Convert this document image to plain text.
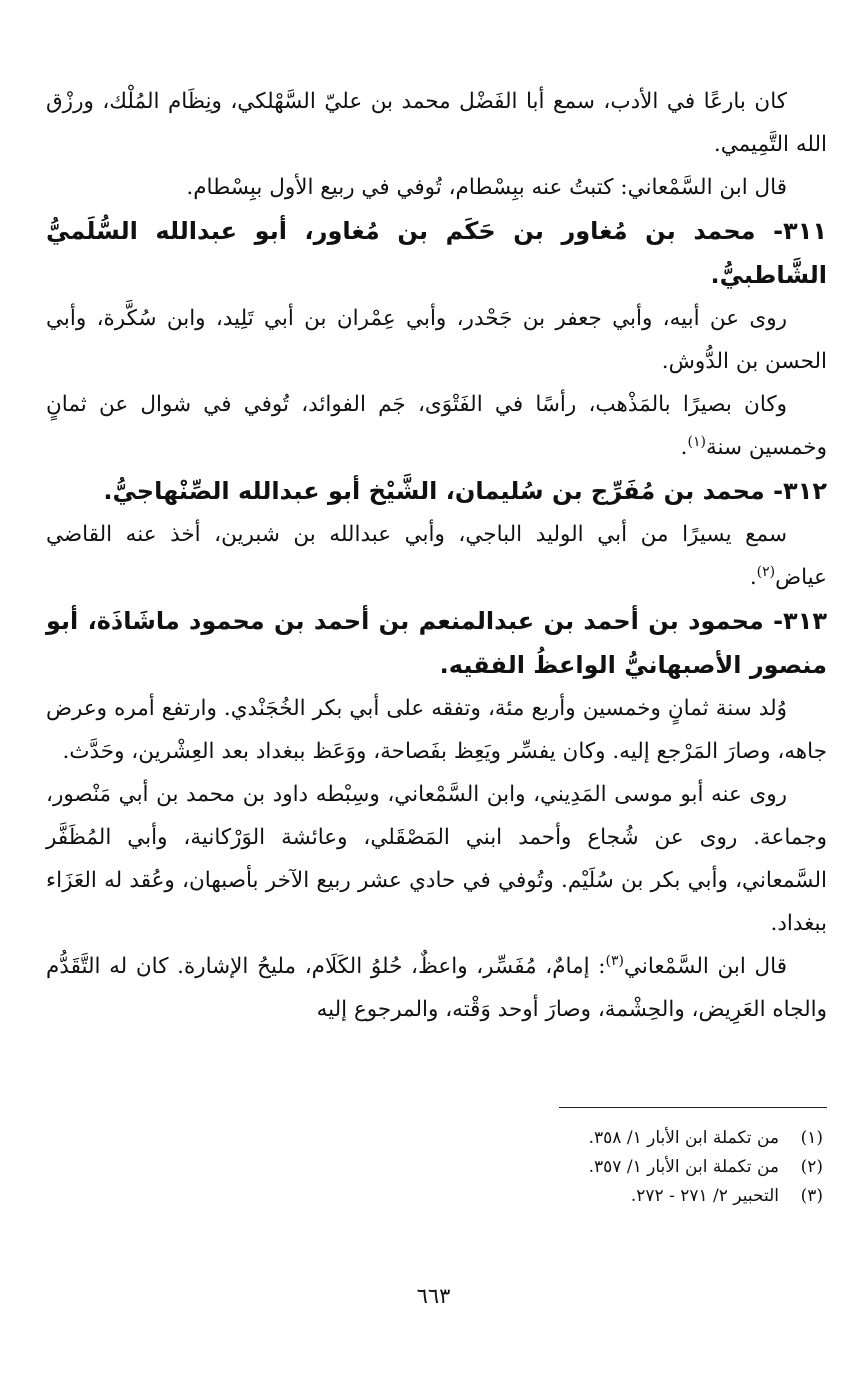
كان بارعًا في الأدب، سمع أبا الفَضْل محمد بن عليّ السَّهْلكي، ونِظَام المُلْك، ورزْق الله التَّمِيمي.

قال ابن السَّمْعاني: كتبتُ عنه ببِسْطام، تُوفي في ربيع الأول ببِسْطام.

٣١١- محمد بن مُغاور بن حَكَم بن مُغاور، أبو عبدالله السُّلَميُّ الشَّاطبيُّ.

روى عن أبيه، وأبي جعفر بن جَحْدر، وأبي عِمْران بن أبي تَلِيد، وابن سُكَّرة، وأبي الحسن بن الدُّوش.

وكان بصيرًا بالمَذْهب، رأسًا في الفَتْوَى، جَم الفوائد، تُوفي في شوال عن ثمانٍ وخمسين سنة$^{(١)}$.

٣١٢- محمد بن مُفَرِّج بن سُليمان، الشَّيْخ أبو عبدالله الصِّنْهاجيُّ.

سمع يسيرًا من أبي الوليد الباجي، وأبي عبدالله بن شبرين، أخذ عنه القاضي عياض$^{(٢)}$.

٣١٣- محمود بن أحمد بن عبدالمنعم بن أحمد بن محمود ماشَاذَة، أبو منصور الأصبهانيُّ الواعظُ الفقيه.

وُلد سنة ثمانٍ وخمسين وأربع مئة، وتفقه على أبي بكر الخُجَنْدي. وارتفع أمره وعرض جاهه، وصارَ المَرْجع إليه. وكان يفسِّر ويَعِظ بفَصاحة، ووَعَظ ببغداد بعد العِشْرين، وحَدَّث.

روى عنه أبو موسى المَدِيني، وابن السَّمْعاني، وسِبْطه داود بن محمد بن أبي مَنْصور، وجماعة. روى عن شُجاع وأحمد ابني المَصْقَلي، وعائشة الوَرْكانية، وأبي المُظَفَّر السَّمعاني، وأبي بكر بن سُلَيْم. وتُوفي في حادي عشر ربيع الآخر بأصبهان، وعُقد له العَزَاء ببغداد.

قال ابن السَّمْعاني$^{(٣)}$: إمامٌ، مُفَسِّر، واعظٌ، حُلوُ الكَلَام، مليحُ الإشارة. كان له التَّقَدُّم والجاه العَرِيض، والحِشْمة، وصارَ أوحد وَقْته، والمرجوع إليه

(١)
من تكملة ابن الأبار ١/ ٣٥٨.
(٢)
من تكملة ابن الأبار ١/ ٣٥٧.
(٣)
التحبير ٢/ ٢٧١ - ٢٧٢.
٦٦٣
